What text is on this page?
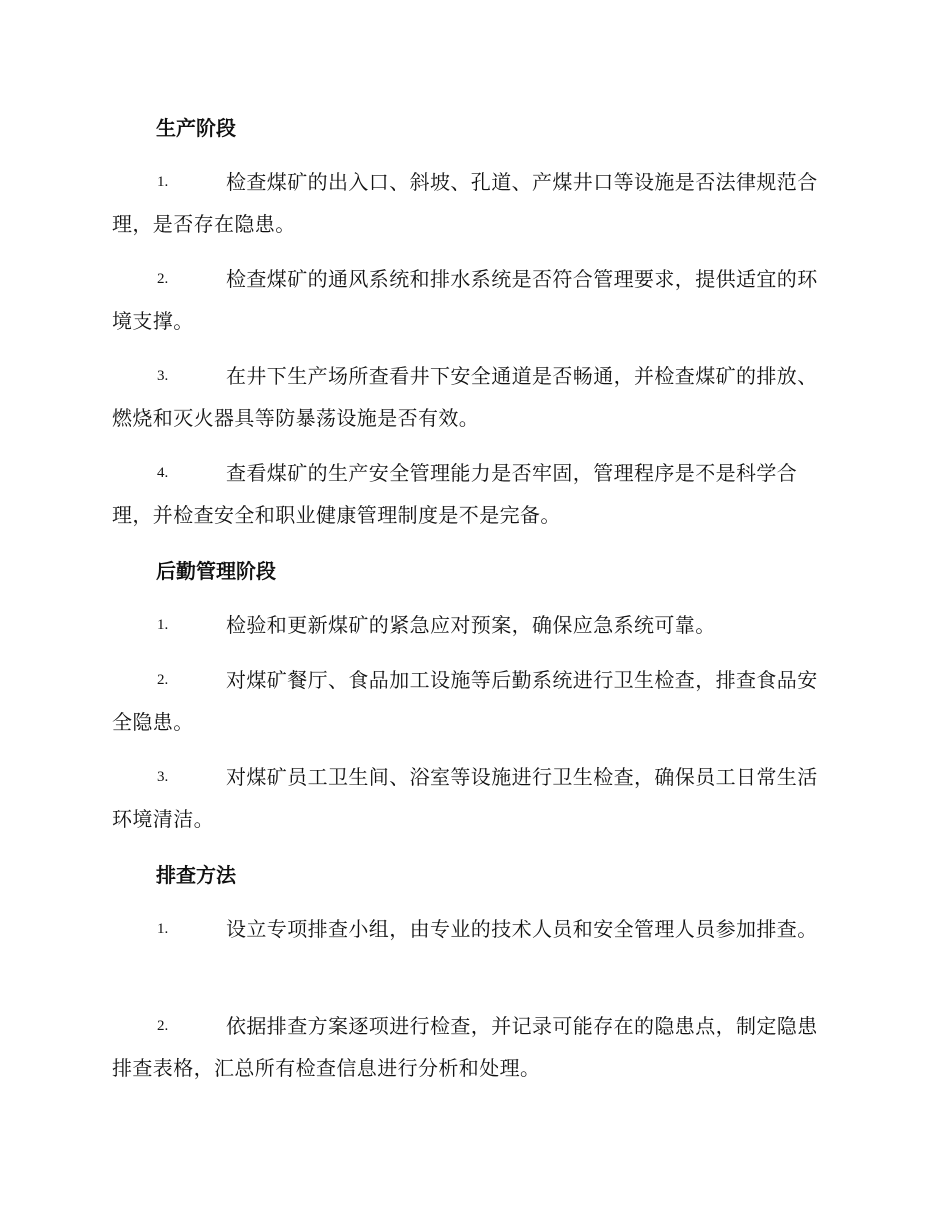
生产阶段
1.	检查煤矿的出入口、斜坡、孔道、产煤井口等设施是否法律规范合理，是否存在隐患。
2.	检查煤矿的通风系统和排水系统是否符合管理要求，提供适宜的环境支撑。
3.	在井下生产场所查看井下安全通道是否畅通，并检查煤矿的排放、燃烧和灭火器具等防暴荡设施是否有效。
4.	查看煤矿的生产安全管理能力是否牢固，管理程序是不是科学合理，并检查安全和职业健康管理制度是不是完备。
后勤管理阶段
1.	检验和更新煤矿的紧急应对预案，确保应急系统可靠。
2.	对煤矿餐厅、食品加工设施等后勤系统进行卫生检查，排查食品安全隐患。
3.	对煤矿员工卫生间、浴室等设施进行卫生检查，确保员工日常生活环境清洁。
排查方法
1.	设立专项排查小组，由专业的技术人员和安全管理人员参加排查。
2.	依据排查方案逐项进行检查，并记录可能存在的隐患点，制定隐患排查表格，汇总所有检查信息进行分析和处理。
